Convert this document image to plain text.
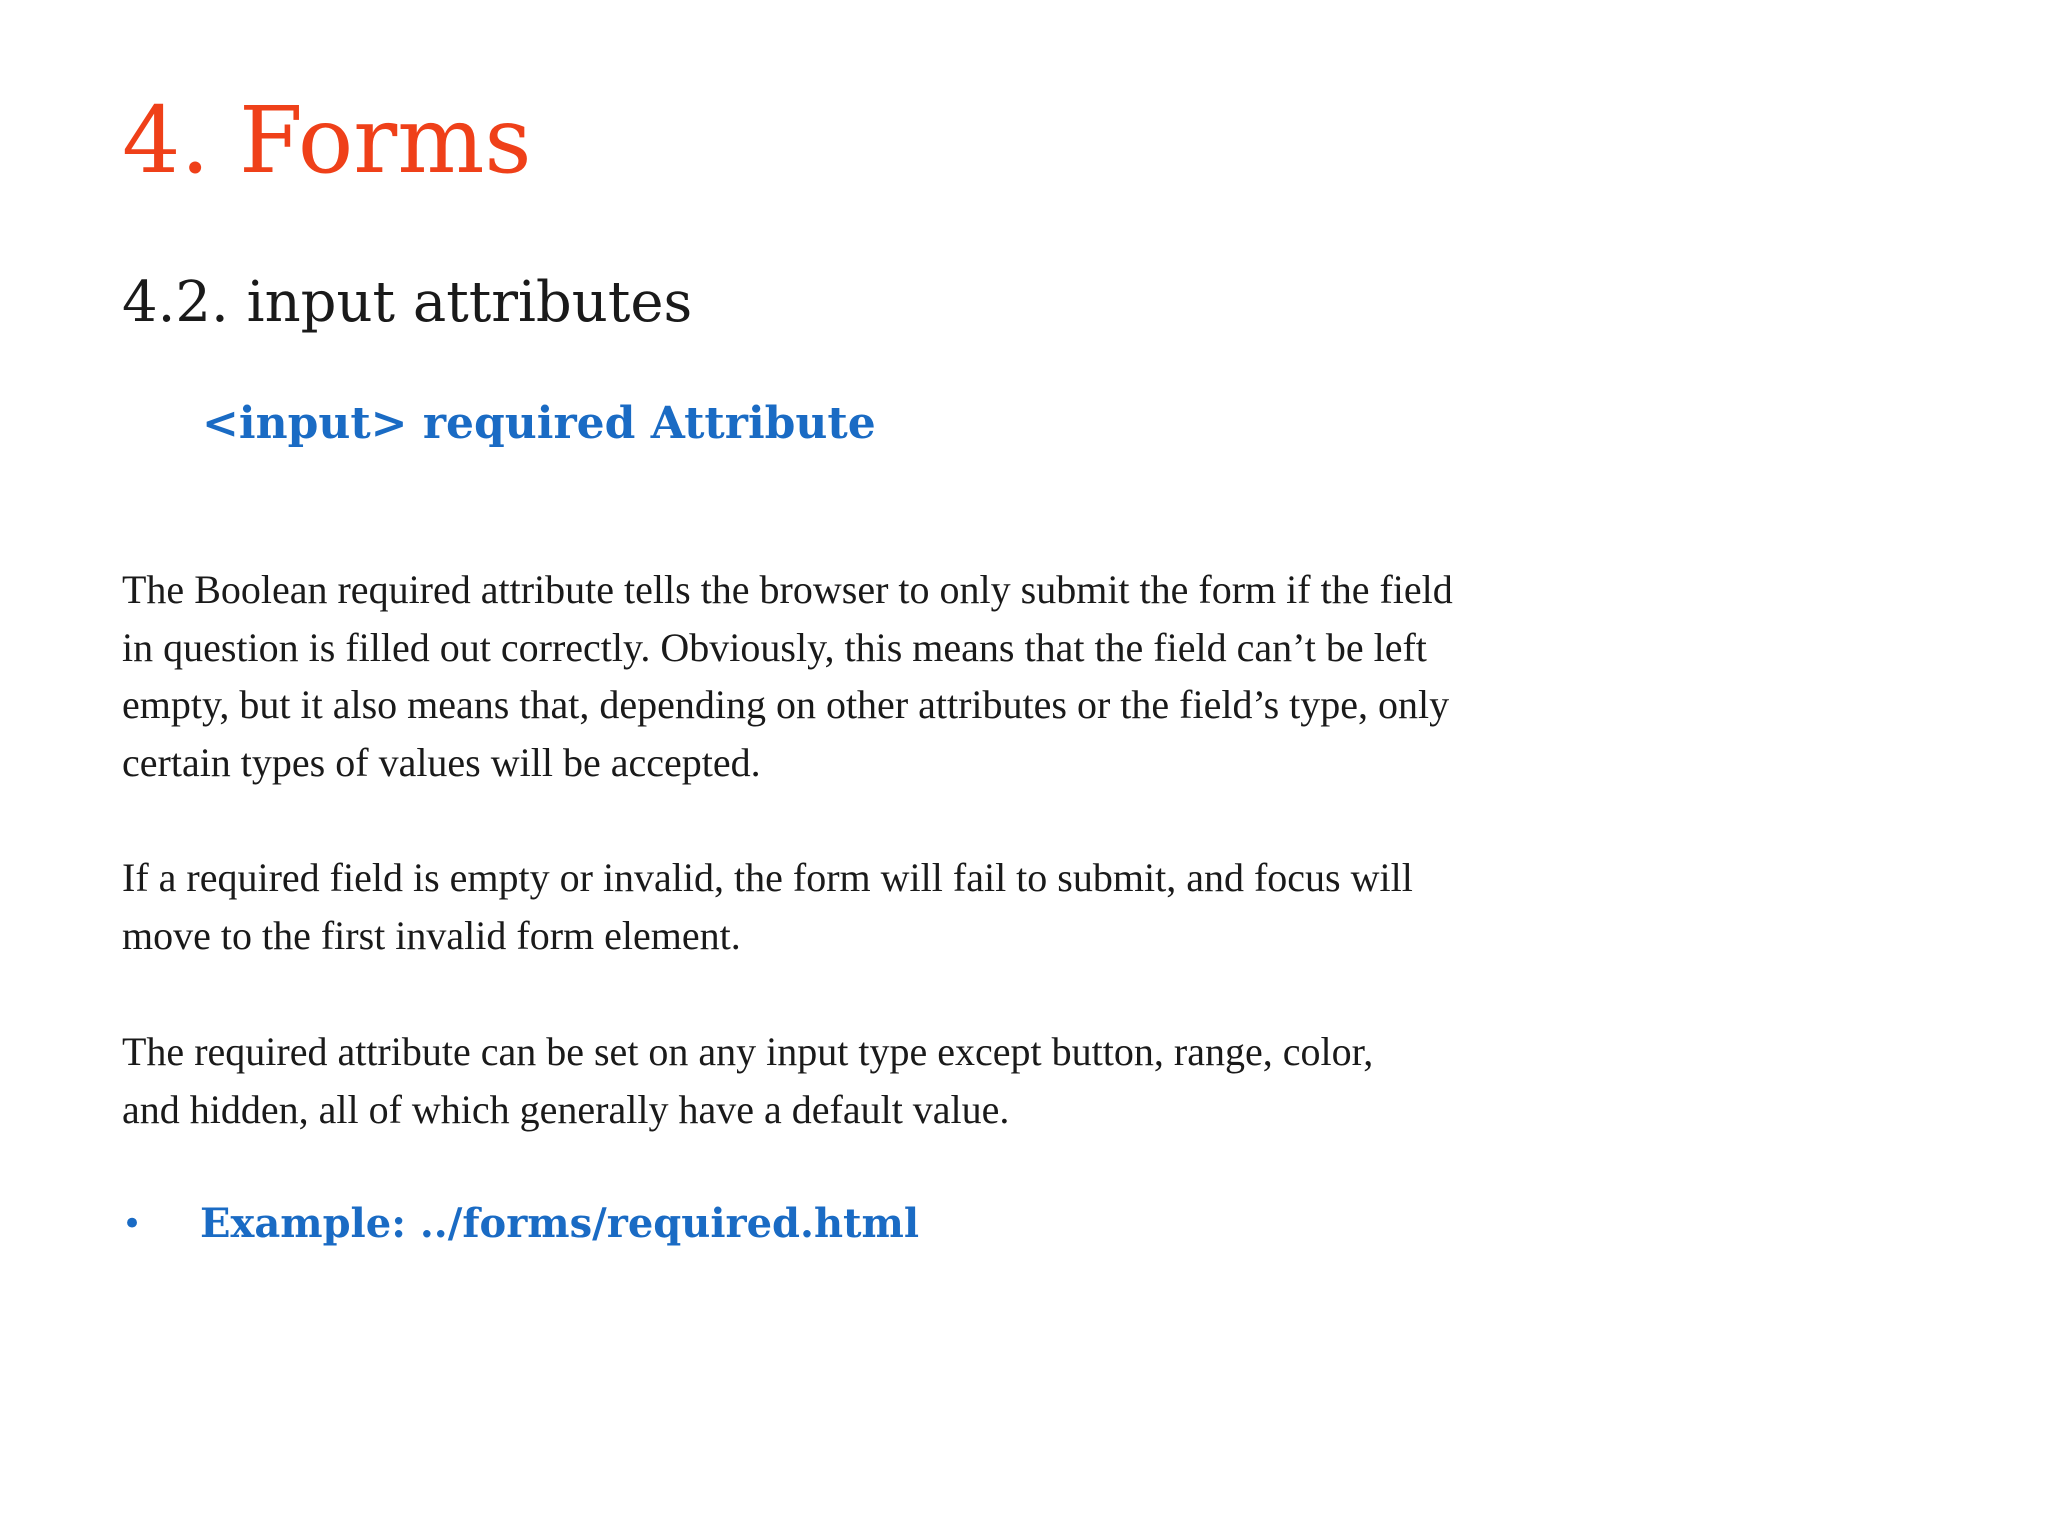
4. Forms
4.2. input attributes
<input> required Attribute

The Boolean required attribute tells the browser to only submit the form if the field
in question is filled out correctly. Obviously, this means that the field can’t be left
empty, but it also means that, depending on other attributes or the field’s type, only
certain types of values will be accepted.

If a required field is empty or invalid, the form will fail to submit, and focus will
move to the first invalid form element.

The required attribute can be set on any input type except button, range, color,
and hidden, all of which generally have a default value.

•	Example: ../forms/required.html
